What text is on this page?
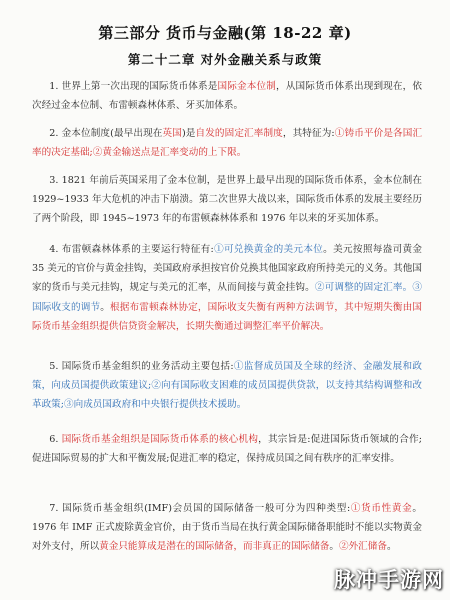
第三部分 货币与金融(第 18-22 章)
第二十二章 对外金融关系与政策

1. 世界上第一次出现的国际货币体系是国际金本位制，从国际货币体系出现到现在，依次经过金本位制、布雷顿森林体系、牙买加体系。

2. 金本位制度(最早出现在英国)是自发的固定汇率制度，其特征为:①铸币平价是各国汇率的决定基础;②黄金输送点是汇率变动的上下限。

3. 1821 年前后英国采用了金本位制，是世界上最早出现的国际货币体系，金本位制在 1929~1933 年大危机的冲击下崩溃。第二次世界大战以来，国际货币体系的发展主要经历了两个阶段，即 1945~1973 年的布雷顿森林体系和 1976 年以来的牙买加体系。

4. 布雷顿森林体系的主要运行特征有:①可兑换黄金的美元本位。美元按照每盎司黄金 35 美元的官价与黄金挂钩，美国政府承担按官价兑换其他国家政府所持美元的义务。其他国家的货币与美元挂钩，规定与美元的汇率，从而间接与黄金挂钩。②可调整的固定汇率。③国际收支的调节。根据布雷顿森林协定，国际收支失衡有两种方法调节，其中短期失衡由国际货币基金组织提供信贷资金解决，长期失衡通过调整汇率平价解决。

5. 国际货币基金组织的业务活动主要包括:①监督成员国及全球的经济、金融发展和政策，向成员国提供政策建议;②向有国际收支困难的成员国提供贷款，以支持其结构调整和改革政策;③向成员国政府和中央银行提供技术援助。

6. 国际货币基金组织是国际货币体系的核心机构，其宗旨是:促进国际货币领域的合作;促进国际贸易的扩大和平衡发展;促进汇率的稳定，保持成员国之间有秩序的汇率安排。

7. 国际货币基金组织(IMF)会员国的国际储备一般可分为四种类型:①货币性黄金。1976 年 IMF 正式废除黄金官价，由于货币当局在执行黄金国际储备职能时不能以实物黄金对外支付，所以黄金只能算成是潜在的国际储备，而非真正的国际储备。②外汇储备。

脉冲手游网
